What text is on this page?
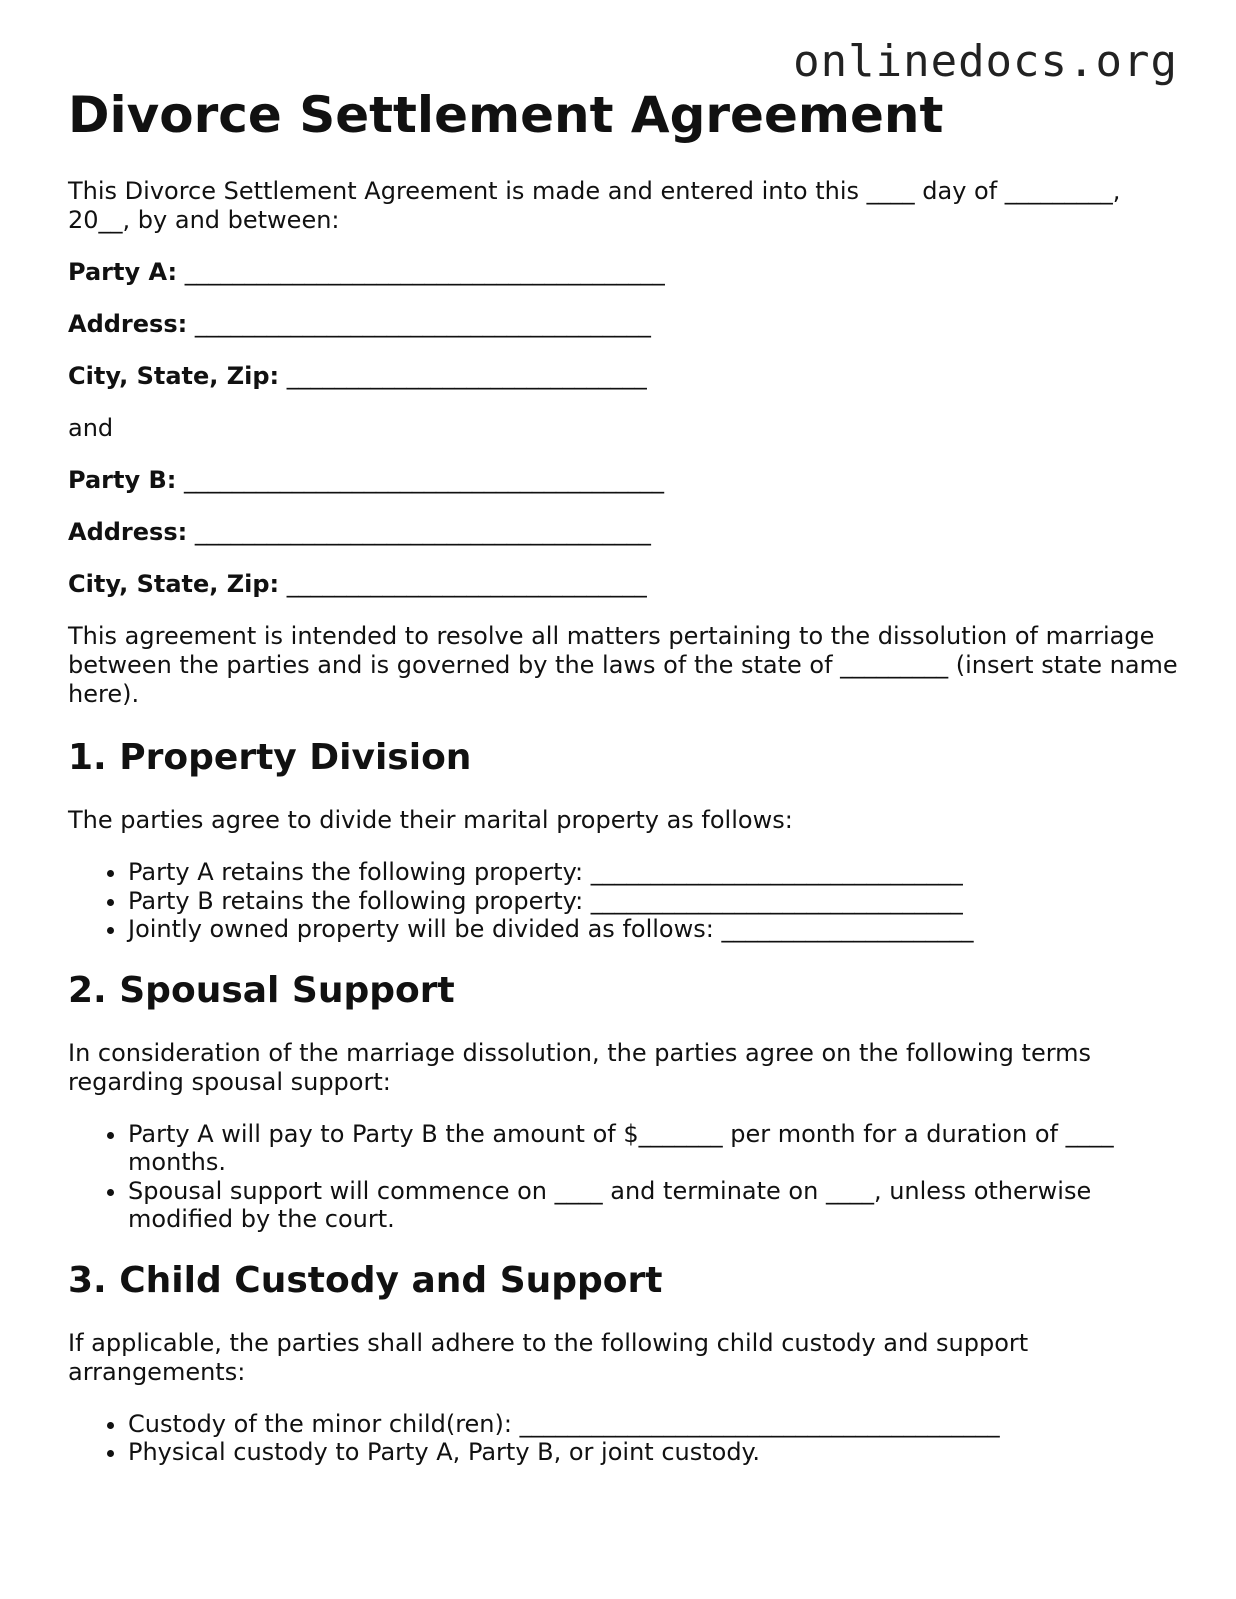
onlinedocs.org
Divorce Settlement Agreement

This Divorce Settlement Agreement is made and entered into this ____ day of _________, 20__, by and between:

Party A: ________________________________________

Address: ______________________________________

City, State, Zip: ______________________________

and

Party B: ________________________________________

Address: ______________________________________

City, State, Zip: ______________________________

This agreement is intended to resolve all matters pertaining to the dissolution of marriage between the parties and is governed by the laws of the state of _________ (insert state name here).

1. Property Division

The parties agree to divide their marital property as follows:

• Party A retains the following property: _______________________________
• Party B retains the following property: _______________________________
• Jointly owned property will be divided as follows: _____________________
2. Spousal Support

In consideration of the marriage dissolution, the parties agree on the following terms regarding spousal support:

• Party A will pay to Party B the amount of $_______ per month for a duration of ____ months.
• Spousal support will commence on ____ and terminate on ____, unless otherwise modified by the court.
3. Child Custody and Support

If applicable, the parties shall adhere to the following child custody and support arrangements:

• Custody of the minor child(ren): ________________________________________
• Physical custody to Party A, Party B, or joint custody.
